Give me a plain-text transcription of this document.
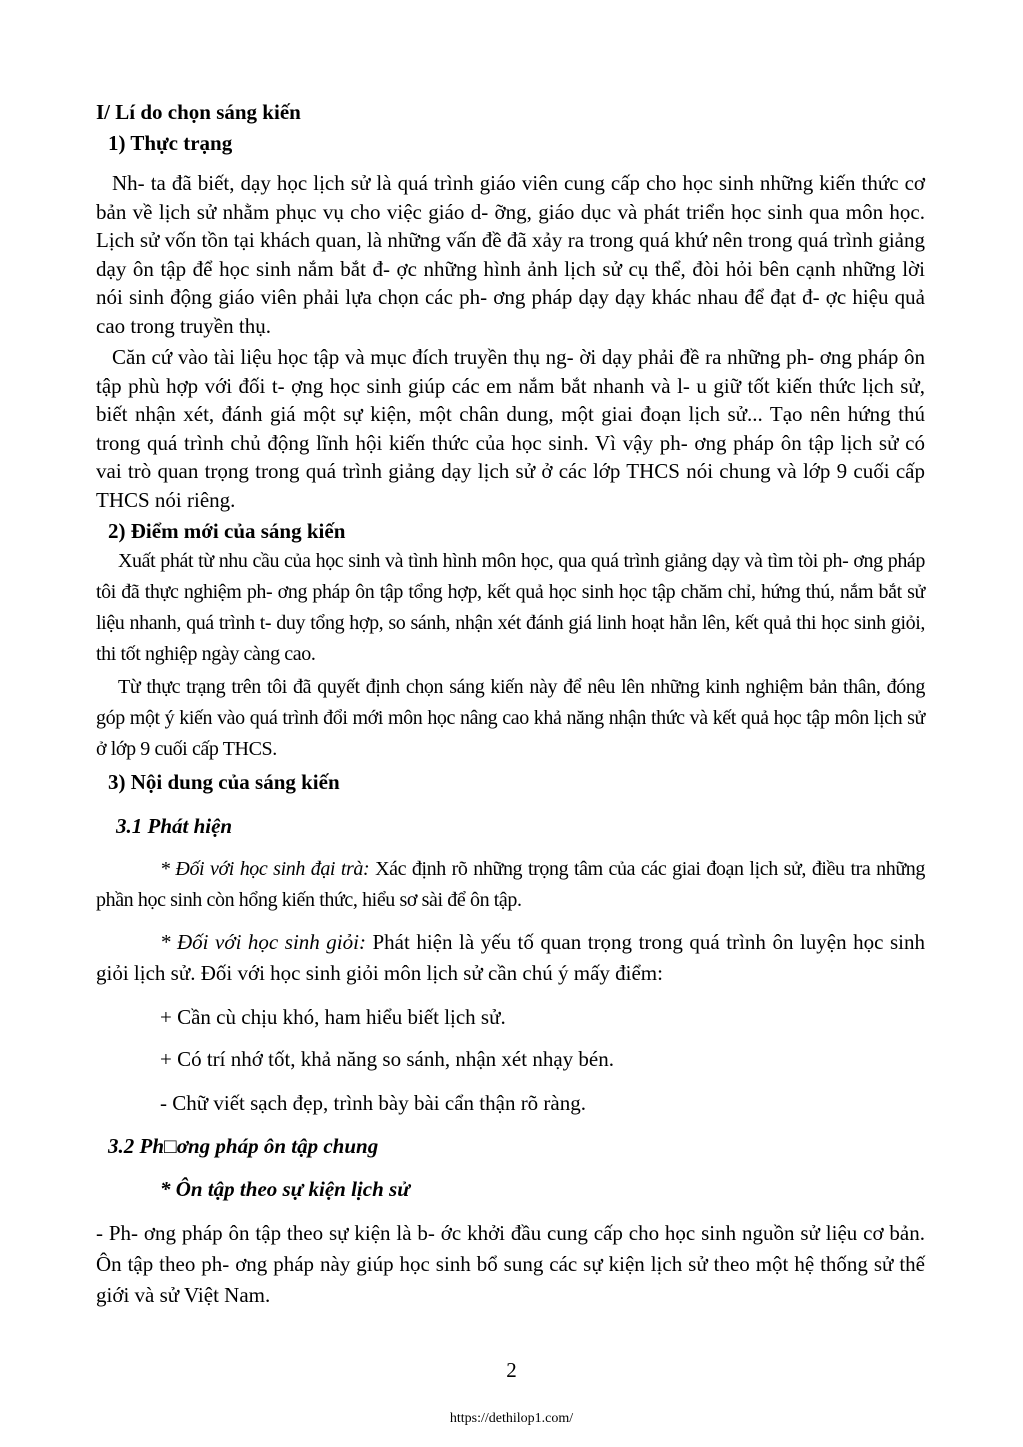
I/ Lí do chọn sáng kiến

1) Thực trạng

Nh- ta đã biết, dạy học lịch sử là quá trình giáo viên cung cấp cho học sinh những kiến thức cơ bản về lịch sử nhằm phục vụ cho việc giáo d- ỡng, giáo dục và phát triển học sinh qua môn học. Lịch sử vốn tồn tại khách quan, là những vấn đề đã xảy ra trong quá khứ nên trong quá trình giảng dạy ôn tập để học sinh nắm bắt đ- ợc những hình ảnh lịch sử cụ thể, đòi hỏi bên cạnh những lời nói sinh động giáo viên phải lựa chọn các ph- ơng pháp dạy dạy khác nhau để đạt đ- ợc hiệu quả cao trong truyền thụ.

Căn cứ vào tài liệu học tập và mục đích truyền thụ ng- ời dạy phải đề ra những ph- ơng pháp ôn tập phù hợp với đối t- ợng học sinh giúp các em nắm bắt nhanh và l- u giữ tốt kiến thức lịch sử, biết nhận xét, đánh giá một sự kiện, một chân dung, một giai đoạn lịch sử... Tạo nên hứng thú trong quá trình chủ động lĩnh hội kiến thức của học sinh. Vì vậy ph- ơng pháp ôn tập lịch sử có vai trò quan trọng trong quá trình giảng dạy lịch sử ở các lớp THCS nói chung và lớp 9 cuối cấp THCS nói riêng.

2) Điểm mới của sáng kiến

Xuất phát từ nhu cầu của học sinh và tình hình môn học, qua quá trình giảng dạy và tìm tòi ph- ơng pháp tôi đã thực nghiệm ph- ơng pháp ôn tập tổng hợp, kết quả học sinh học tập chăm chỉ, hứng thú, nắm bắt sử liệu nhanh, quá trình t- duy tổng hợp, so sánh, nhận xét đánh giá linh hoạt hẳn lên, kết quả thi học sinh giỏi, thi tốt nghiệp ngày càng cao.

Từ thực trạng trên tôi đã quyết định chọn sáng kiến này để nêu lên những kinh nghiệm bản thân, đóng góp một ý kiến vào quá trình đổi mới môn học nâng cao khả năng nhận thức và kết quả học tập môn lịch sử ở lớp 9 cuối cấp THCS.

3) Nội dung của sáng kiến

3.1 Phát hiện

* Đối với học sinh đại trà: Xác định rõ những trọng tâm của các giai đoạn lịch sử, điều tra những phần học sinh còn hổng kiến thức, hiểu sơ sài để ôn tập.

* Đối với học sinh giỏi: Phát hiện là yếu tố quan trọng trong quá trình ôn luyện học sinh giỏi lịch sử. Đối với học sinh giỏi môn lịch sử cần chú ý mấy điểm:

+ Cần cù chịu khó, ham hiểu biết lịch sử.

+ Có trí nhớ tốt, khả năng so sánh, nhận xét nhạy bén.

- Chữ viết sạch đẹp, trình bày bài cẩn thận rõ ràng.

3.2 Ph□ơng pháp ôn tập chung

* Ôn tập theo sự kiện lịch sử

- Ph- ơng pháp ôn tập theo sự kiện là b- ớc khởi đầu cung cấp cho học sinh nguồn sử liệu cơ bản. Ôn tập theo ph- ơng pháp này giúp học sinh bổ sung các sự kiện lịch sử theo một hệ thống sử thế giới và sử Việt Nam.

2
https://dethilop1.com/
